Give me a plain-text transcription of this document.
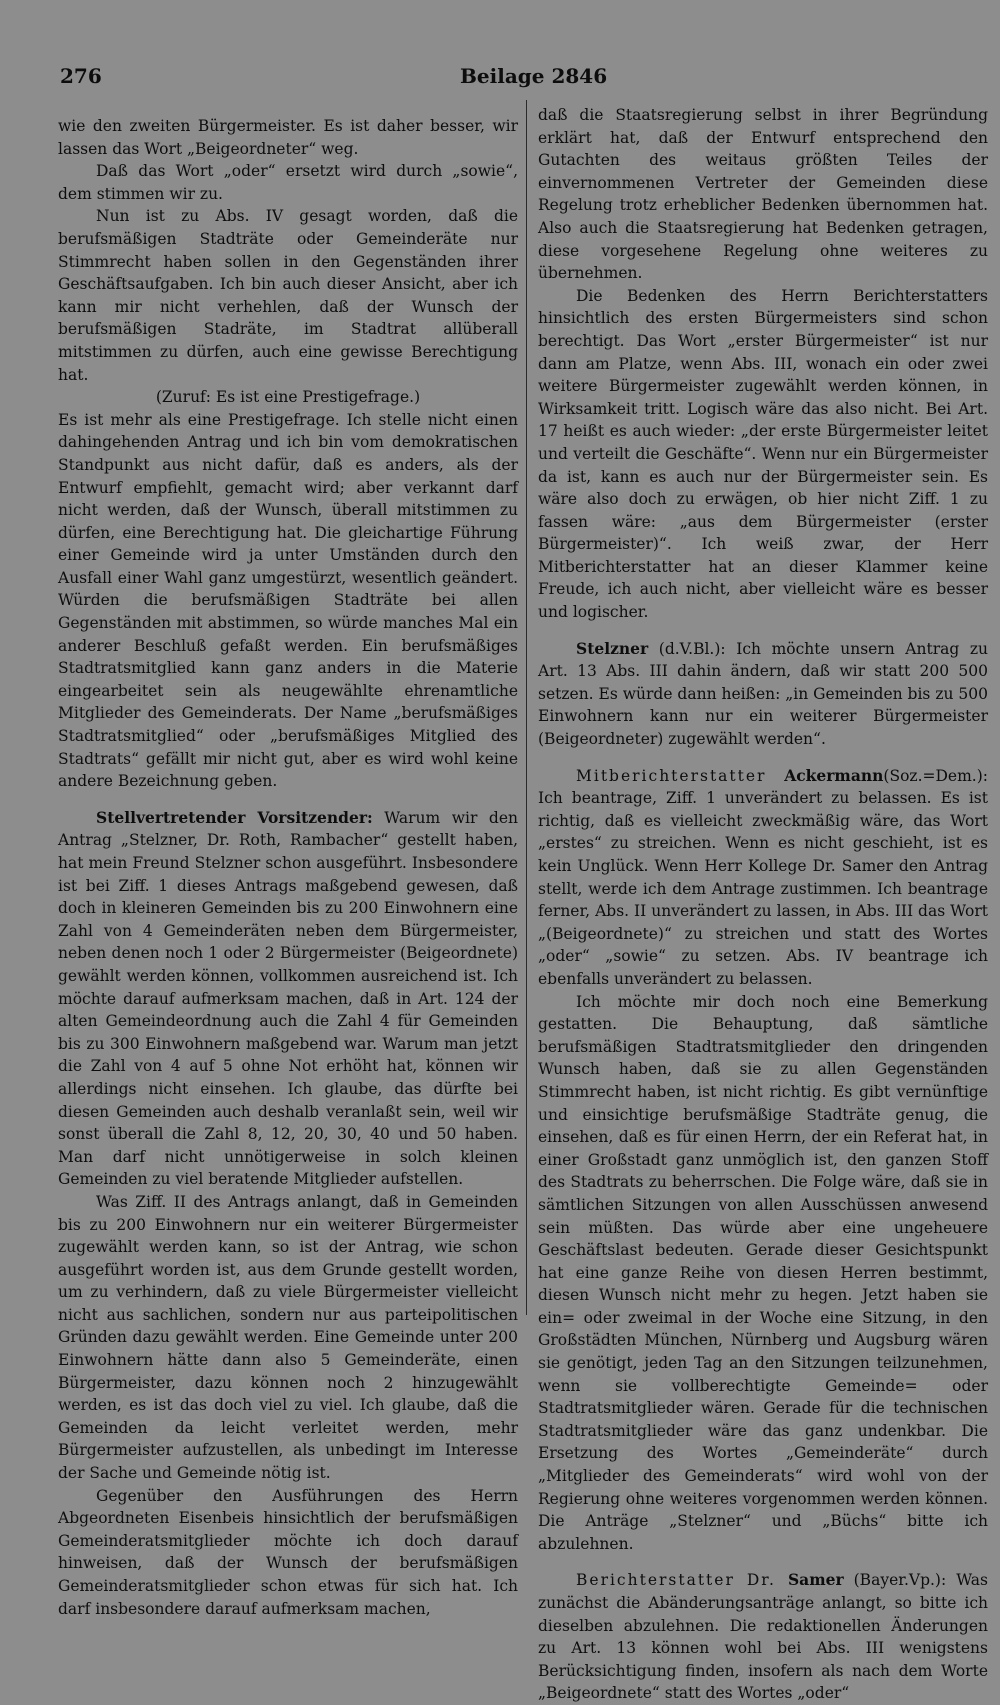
276	Beilage 2846

wie den zweiten Bürgermeister. Es ist daher besser, wir lassen das Wort „Beigeordneter“ weg.

Daß das Wort „oder“ ersetzt wird durch „sowie“, dem stimmen wir zu.

Nun ist zu Abs. IV gesagt worden, daß die berufsmäßigen Stadträte oder Gemeinderäte nur Stimmrecht haben sollen in den Gegenständen ihrer Geschäftsaufgaben. Ich bin auch dieser Ansicht, aber ich kann mir nicht verhehlen, daß der Wunsch der berufsmäßigen Stadräte, im Stadtrat allüberall mitstimmen zu dürfen, auch eine gewisse Berechtigung hat.

(Zuruf: Es ist eine Prestigefrage.)

Es ist mehr als eine Prestigefrage. Ich stelle nicht einen dahingehenden Antrag und ich bin vom demokratischen Standpunkt aus nicht dafür, daß es anders, als der Entwurf empfiehlt, gemacht wird; aber verkannt darf nicht werden, daß der Wunsch, überall mitstimmen zu dürfen, eine Berechtigung hat. Die gleichartige Führung einer Gemeinde wird ja unter Umständen durch den Ausfall einer Wahl ganz umgestürzt, wesentlich geändert. Würden die berufsmäßigen Stadträte bei allen Gegenständen mit abstimmen, so würde manches Mal ein anderer Beschluß gefaßt werden. Ein berufsmäßiges Stadtratsmitglied kann ganz anders in die Materie eingearbeitet sein als neugewählte ehrenamtliche Mitglieder des Gemeinderats. Der Name „berufsmäßiges Stadtratsmitglied“ oder „berufsmäßiges Mitglied des Stadtrats“ gefällt mir nicht gut, aber es wird wohl keine andere Bezeichnung geben.

Stellvertretender Vorsitzender: Warum wir den Antrag „Stelzner, Dr. Roth, Rambacher“ gestellt haben, hat mein Freund Stelzner schon ausgeführt. Insbesondere ist bei Ziff. 1 dieses Antrags maßgebend gewesen, daß doch in kleineren Gemeinden bis zu 200 Einwohnern eine Zahl von 4 Gemeinderäten neben dem Bürgermeister, neben denen noch 1 oder 2 Bürgermeister (Beigeordnete) gewählt werden können, vollkommen ausreichend ist. Ich möchte darauf aufmerksam machen, daß in Art. 124 der alten Gemeindeordnung auch die Zahl 4 für Gemeinden bis zu 300 Einwohnern maßgebend war. Warum man jetzt die Zahl von 4 auf 5 ohne Not erhöht hat, können wir allerdings nicht einsehen. Ich glaube, das dürfte bei diesen Gemeinden auch deshalb veranlaßt sein, weil wir sonst überall die Zahl 8, 12, 20, 30, 40 und 50 haben. Man darf nicht unnötigerweise in solch kleinen Gemeinden zu viel beratende Mitglieder aufstellen.

Was Ziff. II des Antrags anlangt, daß in Gemeinden bis zu 200 Einwohnern nur ein weiterer Bürgermeister zugewählt werden kann, so ist der Antrag, wie schon ausgeführt worden ist, aus dem Grunde gestellt worden, um zu verhindern, daß zu viele Bürgermeister vielleicht nicht aus sachlichen, sondern nur aus parteipolitischen Gründen dazu gewählt werden. Eine Gemeinde unter 200 Einwohnern hätte dann also 5 Gemeinderäte, einen Bürgermeister, dazu können noch 2 hinzugewählt werden, es ist das doch viel zu viel. Ich glaube, daß die Gemeinden da leicht verleitet werden, mehr Bürgermeister aufzustellen, als unbedingt im Interesse der Sache und Gemeinde nötig ist.

Gegenüber den Ausführungen des Herrn Abgeordneten Eisenbeis hinsichtlich der berufsmäßigen Gemeinderatsmitglieder möchte ich doch darauf hinweisen, daß der Wunsch der berufsmäßigen Gemeinderatsmitglieder schon etwas für sich hat. Ich darf insbesondere darauf aufmerksam machen,

daß die Staatsregierung selbst in ihrer Begründung erklärt hat, daß der Entwurf entsprechend den Gutachten des weitaus größten Teiles der einvernommenen Vertreter der Gemeinden diese Regelung trotz erheblicher Bedenken übernommen hat. Also auch die Staatsregierung hat Bedenken getragen, diese vorgesehene Regelung ohne weiteres zu übernehmen.

Die Bedenken des Herrn Berichterstatters hinsichtlich des ersten Bürgermeisters sind schon berechtigt. Das Wort „erster Bürgermeister“ ist nur dann am Platze, wenn Abs. III, wonach ein oder zwei weitere Bürgermeister zugewählt werden können, in Wirksamkeit tritt. Logisch wäre das also nicht. Bei Art. 17 heißt es auch wieder: „der erste Bürgermeister leitet und verteilt die Geschäfte“. Wenn nur ein Bürgermeister da ist, kann es auch nur der Bürgermeister sein. Es wäre also doch zu erwägen, ob hier nicht Ziff. 1 zu fassen wäre: „aus dem Bürgermeister (erster Bürgermeister)“. Ich weiß zwar, der Herr Mitberichterstatter hat an dieser Klammer keine Freude, ich auch nicht, aber vielleicht wäre es besser und logischer.

Stelzner (d.V.Bl.): Ich möchte unsern Antrag zu Art. 13 Abs. III dahin ändern, daß wir statt 200 500 setzen. Es würde dann heißen: „in Gemeinden bis zu 500 Einwohnern kann nur ein weiterer Bürgermeister (Beigeordneter) zugewählt werden“.

Mitberichterstatter Ackermann(Soz.=Dem.): Ich beantrage, Ziff. 1 unverändert zu belassen. Es ist richtig, daß es vielleicht zweckmäßig wäre, das Wort „erstes“ zu streichen. Wenn es nicht geschieht, ist es kein Unglück. Wenn Herr Kollege Dr. Samer den Antrag stellt, werde ich dem Antrage zustimmen. Ich beantrage ferner, Abs. II unverändert zu lassen, in Abs. III das Wort „(Beigeordnete)“ zu streichen und statt des Wortes „oder“ „sowie“ zu setzen. Abs. IV beantrage ich ebenfalls unverändert zu belassen.

Ich möchte mir doch noch eine Bemerkung gestatten. Die Behauptung, daß sämtliche berufsmäßigen Stadtratsmitglieder den dringenden Wunsch haben, daß sie zu allen Gegenständen Stimmrecht haben, ist nicht richtig. Es gibt vernünftige und einsichtige berufsmäßige Stadträte genug, die einsehen, daß es für einen Herrn, der ein Referat hat, in einer Großstadt ganz unmöglich ist, den ganzen Stoff des Stadtrats zu beherrschen. Die Folge wäre, daß sie in sämtlichen Sitzungen von allen Ausschüssen anwesend sein müßten. Das würde aber eine ungeheuere Geschäftslast bedeuten. Gerade dieser Gesichtspunkt hat eine ganze Reihe von diesen Herren bestimmt, diesen Wunsch nicht mehr zu hegen. Jetzt haben sie ein= oder zweimal in der Woche eine Sitzung, in den Großstädten München, Nürnberg und Augsburg wären sie genötigt, jeden Tag an den Sitzungen teilzunehmen, wenn sie vollberechtigte Gemeinde= oder Stadtratsmitglieder wären. Gerade für die technischen Stadtratsmitglieder wäre das ganz undenkbar. Die Ersetzung des Wortes „Gemeinderäte“ durch „Mitglieder des Gemeinderats“ wird wohl von der Regierung ohne weiteres vorgenommen werden können. Die Anträge „Stelzner“ und „Büchs“ bitte ich abzulehnen.

Berichterstatter Dr. Samer (Bayer.Vp.): Was zunächst die Abänderungsanträge anlangt, so bitte ich dieselben abzulehnen. Die redaktionellen Änderungen zu Art. 13 können wohl bei Abs. III wenigstens Berücksichtigung finden, insofern als nach dem Worte „Beigeordnete“ statt des Wortes „oder“
